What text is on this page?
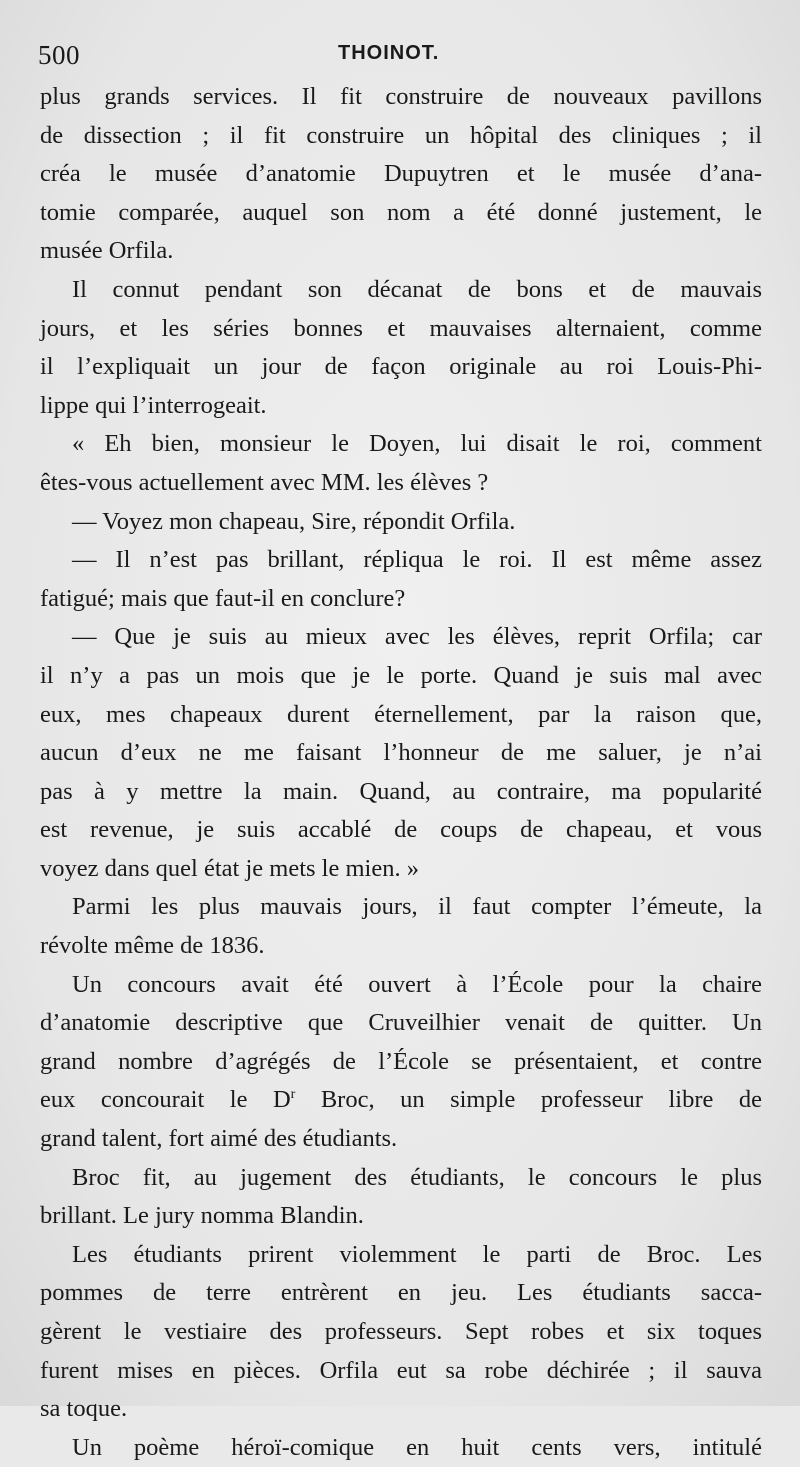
500	THOINOT.
plus grands services. Il fit construire de nouveaux pavillons
de dissection ; il fit construire un hôpital des cliniques ; il
créa le musée d’anatomie Dupuytren et le musée d’ana-
tomie comparée, auquel son nom a été donné justement, le
musée Orfila.
Il connut pendant son décanat de bons et de mauvais
jours, et les séries bonnes et mauvaises alternaient, comme
il l’expliquait un jour de façon originale au roi Louis-Phi-
lippe qui l’interrogeait.
« Eh bien, monsieur le Doyen, lui disait le roi, comment
êtes-vous actuellement avec MM. les élèves ?
— Voyez mon chapeau, Sire, répondit Orfila.
— Il n’est pas brillant, répliqua le roi. Il est même assez
fatigué; mais que faut-il en conclure?
— Que je suis au mieux avec les élèves, reprit Orfila; car
il n’y a pas un mois que je le porte. Quand je suis mal avec
eux, mes chapeaux durent éternellement, par la raison que,
aucun d’eux ne me faisant l’honneur de me saluer, je n’ai
pas à y mettre la main. Quand, au contraire, ma popularité
est revenue, je suis accablé de coups de chapeau, et vous
voyez dans quel état je mets le mien. »
Parmi les plus mauvais jours, il faut compter l’émeute, la
révolte même de 1836.
Un concours avait été ouvert à l’École pour la chaire
d’anatomie descriptive que Cruveilhier venait de quitter. Un
grand nombre d’agrégés de l’École se présentaient, et contre
eux concourait le $D^r$ Broc, un simple professeur libre de
grand talent, fort aimé des étudiants.
Broc fit, au jugement des étudiants, le concours le plus
brillant. Le jury nomma Blandin.
Les étudiants prirent violemment le parti de Broc. Les
pommes de terre entrèrent en jeu. Les étudiants sacca-
gèrent le vestiaire des professeurs. Sept robes et six toques
furent mises en pièces. Orfila eut sa robe déchirée ; il sauva
sa toque.
Un poème héroï-comique en huit cents vers, intitulé
